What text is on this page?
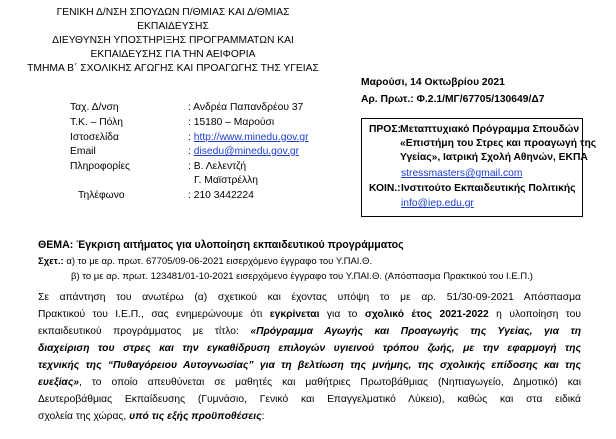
ΓΕΝΙΚΗ Δ/ΝΣΗ ΣΠΟΥΔΩΝ Π/ΘΜΙΑΣ ΚΑΙ Δ/ΘΜΙΑΣ
ΕΚΠΑΙΔΕΥΣΗΣ
ΔΙΕΥΘΥΝΣΗ ΥΠΟΣΤΗΡΙΞΗΣ ΠΡΟΓΡΑΜΜΑΤΩΝ ΚΑΙ
ΕΚΠΑΙΔΕΥΣΗΣ ΓΙΑ ΤΗΝ ΑΕΙΦΟΡΙΑ
ΤΜΗΜΑ Β΄ ΣΧΟΛΙΚΗΣ ΑΓΩΓΗΣ ΚΑΙ ΠΡΟΑΓΩΓΗΣ ΤΗΣ ΥΓΕΙΑΣ
Μαρούσι, 14 Οκτωβρίου 2021
Αρ. Πρωτ.: Φ.2.1/ΜΓ/67705/130649/Δ7
Ταχ. Δ/νση	: Ανδρέα Παπανδρέου 37
Τ.Κ. – Πόλη	: 15180 – Μαρούσι
Ιστοσελίδα	: http://www.minedu.gov.gr
Email	: disedu@minedu.gov.gr
Πληροφορίες	: Β. Λελεντζή
Γ. Μαϊστρέλλη
Τηλέφωνο	: 210 3442224
ΠΡΟΣ: Μεταπτυχιακό Πρόγραμμα Σπουδών
«Επιστήμη του Στρες και προαγωγή της
Υγείας», Ιατρική Σχολή Αθηνών, ΕΚΠΑ
stressmasters@gmail.com
ΚΟΙΝ.: Ινστιτούτο Εκπαιδευτικής Πολιτικής
info@iep.edu.gr
ΘΕΜΑ: Έγκριση αιτήματος για υλοποίηση εκπαιδευτικού προγράμματος
Σχετ.: α) το με αρ. πρωτ. 67705/09-06-2021 εισερχόμενο έγγραφο του Υ.ΠΑΙ.Θ.
β) το με αρ. πρωτ. 123481/01-10-2021 εισερχόμενο έγγραφο του Υ.ΠΑΙ.Θ. (Απόσπασμα Πρακτικού του Ι.Ε.Π.)
Σε απάντηση του ανωτέρω (α) σχετικού και έχοντας υπόψη το με αρ. 51/30-09-2021 Απόσπασμα
Πρακτικού του Ι.Ε.Π., σας ενημερώνουμε ότι εγκρίνεται για το σχολικό έτος 2021-2022 η υλοποίηση του
εκπαιδευτικού προγράμματος με τίτλο: «Πρόγραμμα Αγωγής και Προαγωγής της Υγείας, για τη
διαχείριση του στρες και την εγκαθίδρυση επιλογών υγιεινού τρόπου ζωής, με την εφαρμογή της
τεχνικής της “Πυθαγόρειου Αυτογνωσίας” για τη βελτίωση της μνήμης, της σχολικής επίδοσης και της
ευεξίας», το οποίο απευθύνεται σε μαθητές και μαθήτριες Πρωτοβάθμιας (Νηπιαγωγείο, Δημοτικό) και
Δευτεροβάθμιας Εκπαίδευσης (Γυμνάσιο, Γενικό και Επαγγελματικό Λύκειο), καθώς και στα ειδικά
σχολεία της χώρας, υπό τις εξής προϋποθέσεις:
